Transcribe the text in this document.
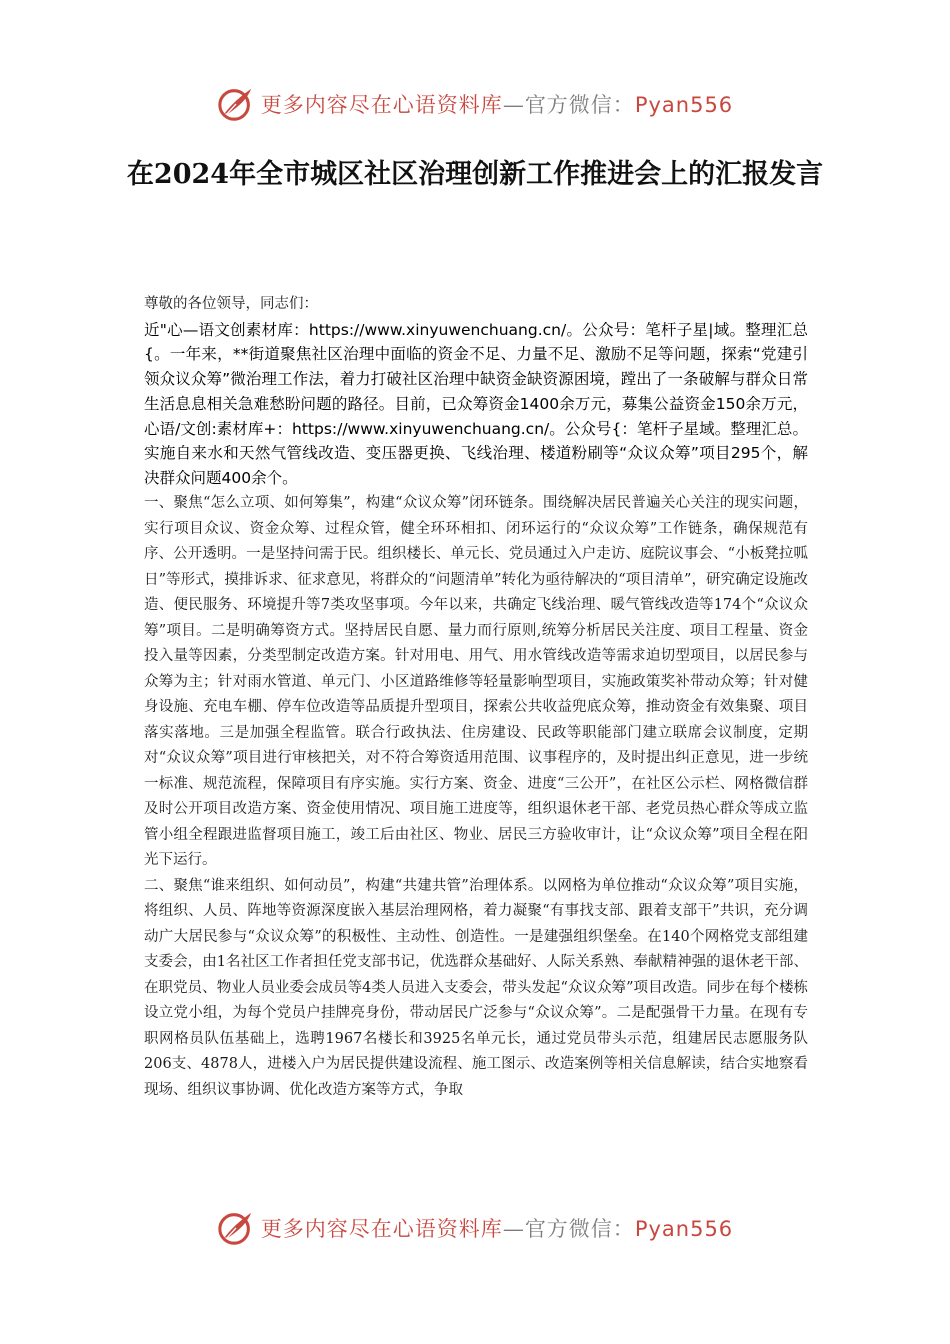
更多内容尽在心语资料库—官方微信：Pyan556
在2024年全市城区社区治理创新工作推进会上的汇报发言

尊敬的各位领导，同志们：

近"心—语文创素材库：https://www.xinyuwenchuang.cn/。公众号：笔杆子星|域。整理汇总{。一年来，**街道聚焦社区治理中面临的资金不足、力量不足、激励不足等问题，探索“党建引领众议众筹”微治理工作法，着力打破社区治理中缺资金缺资源困境，蹚出了一条破解与群众日常生活息息相关急难愁盼问题的路径。目前，已众筹资金1400余万元，募集公益资金150余万元，心语/文创:素材库+：https://www.xinyuwenchuang.cn/。公众号{：笔杆子星域。整理汇总。实施自来水和天然气管线改造、变压器更换、飞线治理、楼道粉刷等“众议众筹”项目295个，解决群众问题400余个。

一、聚焦“怎么立项、如何筹集”，构建“众议众筹”闭环链条。围绕解决居民普遍关心关注的现实问题，实行项目众议、资金众筹、过程众管，健全环环相扣、闭环运行的“众议众筹”工作链条，确保规范有序、公开透明。一是坚持问需于民。组织楼长、单元长、党员通过入户走访、庭院议事会、“小板凳拉呱日”等形式，摸排诉求、征求意见，将群众的“问题清单”转化为亟待解决的“项目清单”，研究确定设施改造、便民服务、环境提升等7类攻坚事项。今年以来，共确定飞线治理、暖气管线改造等174个“众议众筹”项目。二是明确筹资方式。坚持居民自愿、量力而行原则,统筹分析居民关注度、项目工程量、资金投入量等因素，分类型制定改造方案。针对用电、用气、用水管线改造等需求迫切型项目，以居民参与众筹为主；针对雨水管道、单元门、小区道路维修等轻量影响型项目，实施政策奖补带动众筹；针对健身设施、充电车棚、停车位改造等品质提升型项目，探索公共收益兜底众筹，推动资金有效集聚、项目落实落地。三是加强全程监管。联合行政执法、住房建设、民政等职能部门建立联席会议制度，定期对“众议众筹”项目进行审核把关，对不符合筹资适用范围、议事程序的，及时提出纠正意见，进一步统一标准、规范流程，保障项目有序实施。实行方案、资金、进度“三公开”，在社区公示栏、网格微信群及时公开项目改造方案、资金使用情况、项目施工进度等，组织退休老干部、老党员热心群众等成立监管小组全程跟进监督项目施工，竣工后由社区、物业、居民三方验收审计，让“众议众筹”项目全程在阳光下运行。

二、聚焦“谁来组织、如何动员”，构建“共建共管”治理体系。以网格为单位推动“众议众筹”项目实施，将组织、人员、阵地等资源深度嵌入基层治理网格，着力凝聚“有事找支部、跟着支部干”共识，充分调动广大居民参与“众议众筹”的积极性、主动性、创造性。一是建强组织堡垒。在140个网格党支部组建支委会，由1名社区工作者担任党支部书记，优选群众基础好、人际关系熟、奉献精神强的退休老干部、在职党员、物业人员业委会成员等4类人员进入支委会，带头发起“众议众筹”项目改造。同步在每个楼栋设立党小组，为每个党员户挂牌亮身份，带动居民广泛参与“众议众筹”。二是配强骨干力量。在现有专职网格员队伍基础上，选聘1967名楼长和3925名单元长，通过党员带头示范，组建居民志愿服务队206支、4878人，进楼入户为居民提供建设流程、施工图示、改造案例等相关信息解读，结合实地察看现场、组织议事协调、优化改造方案等方式，争取

更多内容尽在心语资料库—官方微信：Pyan556
